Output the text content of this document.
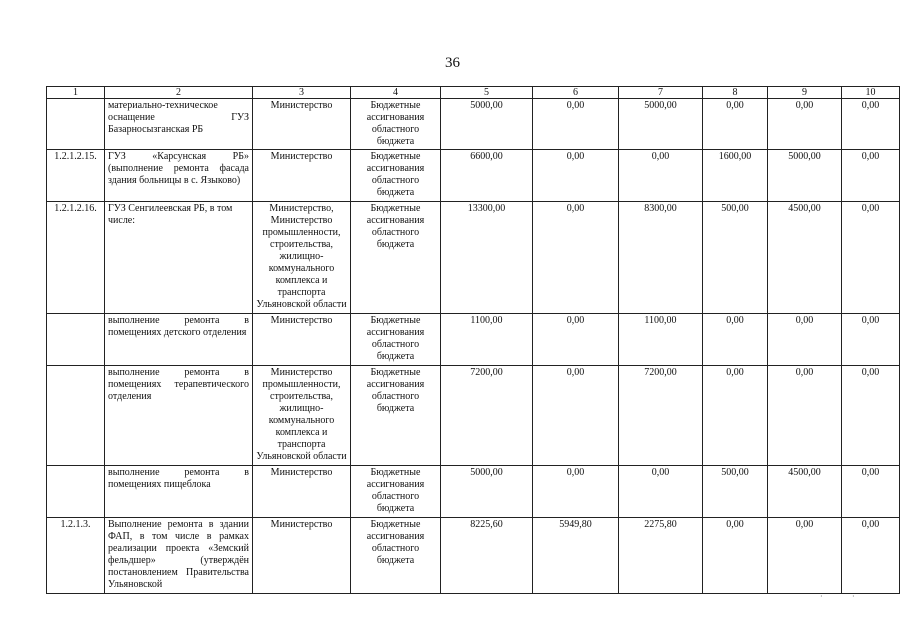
36
1	2	3	4	5	6	7	8	9	10
	материально-техническое оснащение ГУЗ Базарносызганская РБ	Министерство	Бюджетные ассигнования областного бюджета	5000,00	0,00	5000,00	0,00	0,00	0,00
1.2.1.2.15.	ГУЗ «Карсунская РБ» (выполнение ремонта фасада здания больницы в с. Языково)	Министерство	Бюджетные ассигнования областного бюджета	6600,00	0,00	0,00	1600,00	5000,00	0,00
1.2.1.2.16.	ГУЗ Сенгилеевская РБ, в том числе:	Министерство, Министерство промышленности, строительства, жилищно-коммунального комплекса и транспорта Ульяновской области	Бюджетные ассигнования областного бюджета	13300,00	0,00	8300,00	500,00	4500,00	0,00
	выполнение ремонта в помещениях детского отделения	Министерство	Бюджетные ассигнования областного бюджета	1100,00	0,00	1100,00	0,00	0,00	0,00
	выполнение ремонта в помещениях терапевтического отделения	Министерство промышленности, строительства, жилищно-коммунального комплекса и транспорта Ульяновской области	Бюджетные ассигнования областного бюджета	7200,00	0,00	7200,00	0,00	0,00	0,00
	выполнение ремонта в помещениях пищеблока	Министерство	Бюджетные ассигнования областного бюджета	5000,00	0,00	0,00	500,00	4500,00	0,00
1.2.1.3.	Выполнение ремонта в здании ФАП, в том числе в рамках реализации проекта «Земский фельдшер» (утверждён постановлением Правительства Ульяновской	Министерство	Бюджетные ассигнования областного бюджета	8225,60	5949,80	2275,80	0,00	0,00	0,00
·	·
